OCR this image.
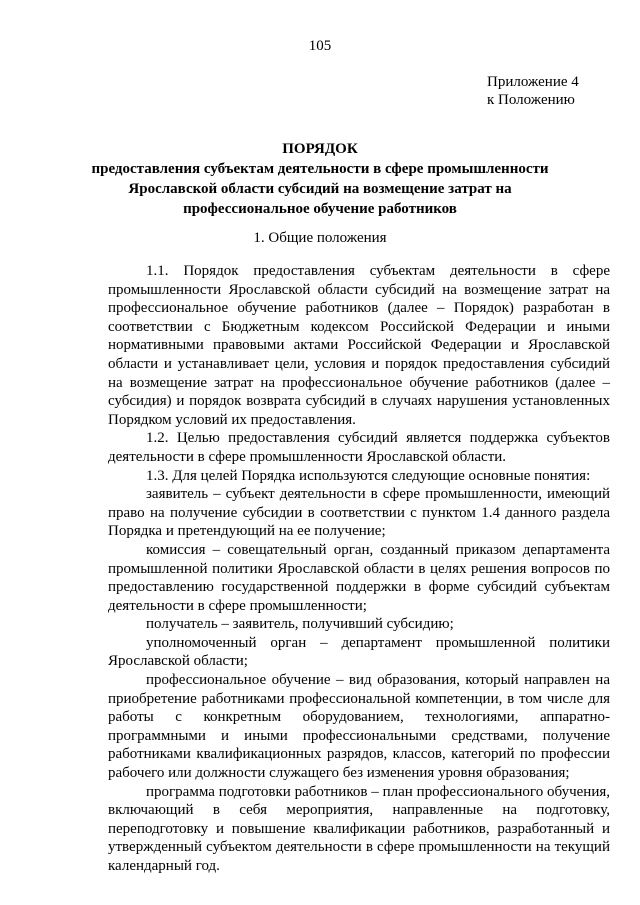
105
Приложение 4
к Положению
ПОРЯДОК
предоставления субъектам деятельности в сфере промышленности
Ярославской области субсидий на возмещение затрат на
профессиональное обучение работников
1. Общие положения

1.1. Порядок предоставления субъектам деятельности в сфере промышленности Ярославской области субсидий на возмещение затрат на профессиональное обучение работников (далее – Порядок) разработан в соответствии с Бюджетным кодексом Российской Федерации и иными нормативными правовыми актами Российской Федерации и Ярославской области и устанавливает цели, условия и порядок предоставления субсидий на возмещение затрат на профессиональное обучение работников (далее – субсидия) и порядок возврата субсидий в случаях нарушения установленных Порядком условий их предоставления.

1.2. Целью предоставления субсидий является поддержка субъектов деятельности в сфере промышленности Ярославской области.

1.3. Для целей Порядка используются следующие основные понятия:

заявитель – субъект деятельности в сфере промышленности, имеющий право на получение субсидии в соответствии с пунктом 1.4 данного раздела Порядка и претендующий на ее получение;

комиссия – совещательный орган, созданный приказом департамента промышленной политики Ярославской области в целях решения вопросов по предоставлению государственной поддержки в форме субсидий субъектам деятельности в сфере промышленности;

получатель – заявитель, получивший субсидию;

уполномоченный орган – департамент промышленной политики Ярославской области;

профессиональное обучение – вид образования, который направлен на приобретение работниками профессиональной компетенции, в том числе для работы с конкретным оборудованием, технологиями, аппаратно-программными и иными профессиональными средствами, получение работниками квалификационных разрядов, классов, категорий по профессии рабочего или должности служащего без изменения уровня образования;

программа подготовки работников – план профессионального обучения, включающий в себя мероприятия, направленные на подготовку, переподготовку и повышение квалификации работников, разработанный и утвержденный субъектом деятельности в сфере промышленности на текущий календарный год.
